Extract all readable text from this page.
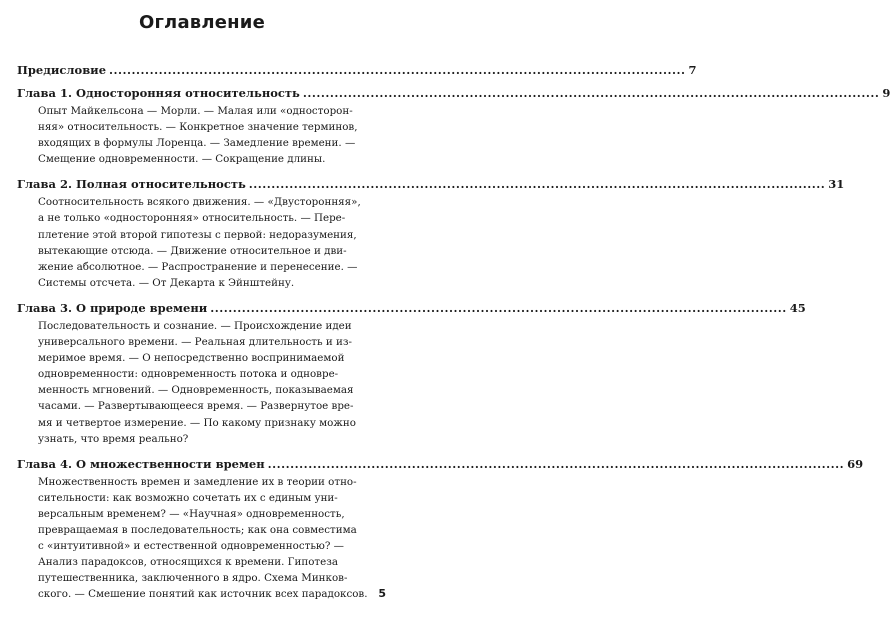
Оглавление
Предисловие ................................................................................................................................ 7
Глава 1. Односторонняя относительность ................................................................................................................................ 9
Опыт Майкельсона — Морли. — Малая или «односторон-
няя» относительность. — Конкретное значение терминов,
входящих в формулы Лоренца. — Замедление времени. —
Смещение одновременности. — Сокращение длины.
Глава 2. Полная относительность ................................................................................................................................ 31
Соотносительность всякого движения. — «Двусторонняя»,
а не только «односторонняя» относительность. — Пере-
плетение этой второй гипотезы с первой: недоразумения,
вытекающие отсюда. — Движение относительное и дви-
жение абсолютное. — Распространение и перенесение. —
Системы отсчета. — От Декарта к Эйнштейну.
Глава 3. О природе времени ................................................................................................................................ 45
Последовательность и сознание. — Происхождение идеи
универсального времени. — Реальная длительность и из-
меримое время. — О непосредственно воспринимаемой
одновременности: одновременность потока и одновре-
менность мгновений. — Одновременность, показываемая
часами. — Развертывающееся время. — Развернутое вре-
мя и четвертое измерение. — По какому признаку можно
узнать, что время реально?
Глава 4. О множественности времен ................................................................................................................................ 69
Множественность времен и замедление их в теории отно-
сительности: как возможно сочетать их с единым уни-
версальным временем? — «Научная» одновременность,
превращаемая в последовательность; как она совместима
с «интуитивной» и естественной одновременностью? —
Анализ парадоксов, относящихся к времени. Гипотеза
путешественника, заключенного в ядро. Схема Минков-
ского. — Смешение понятий как источник всех парадоксов. 5
